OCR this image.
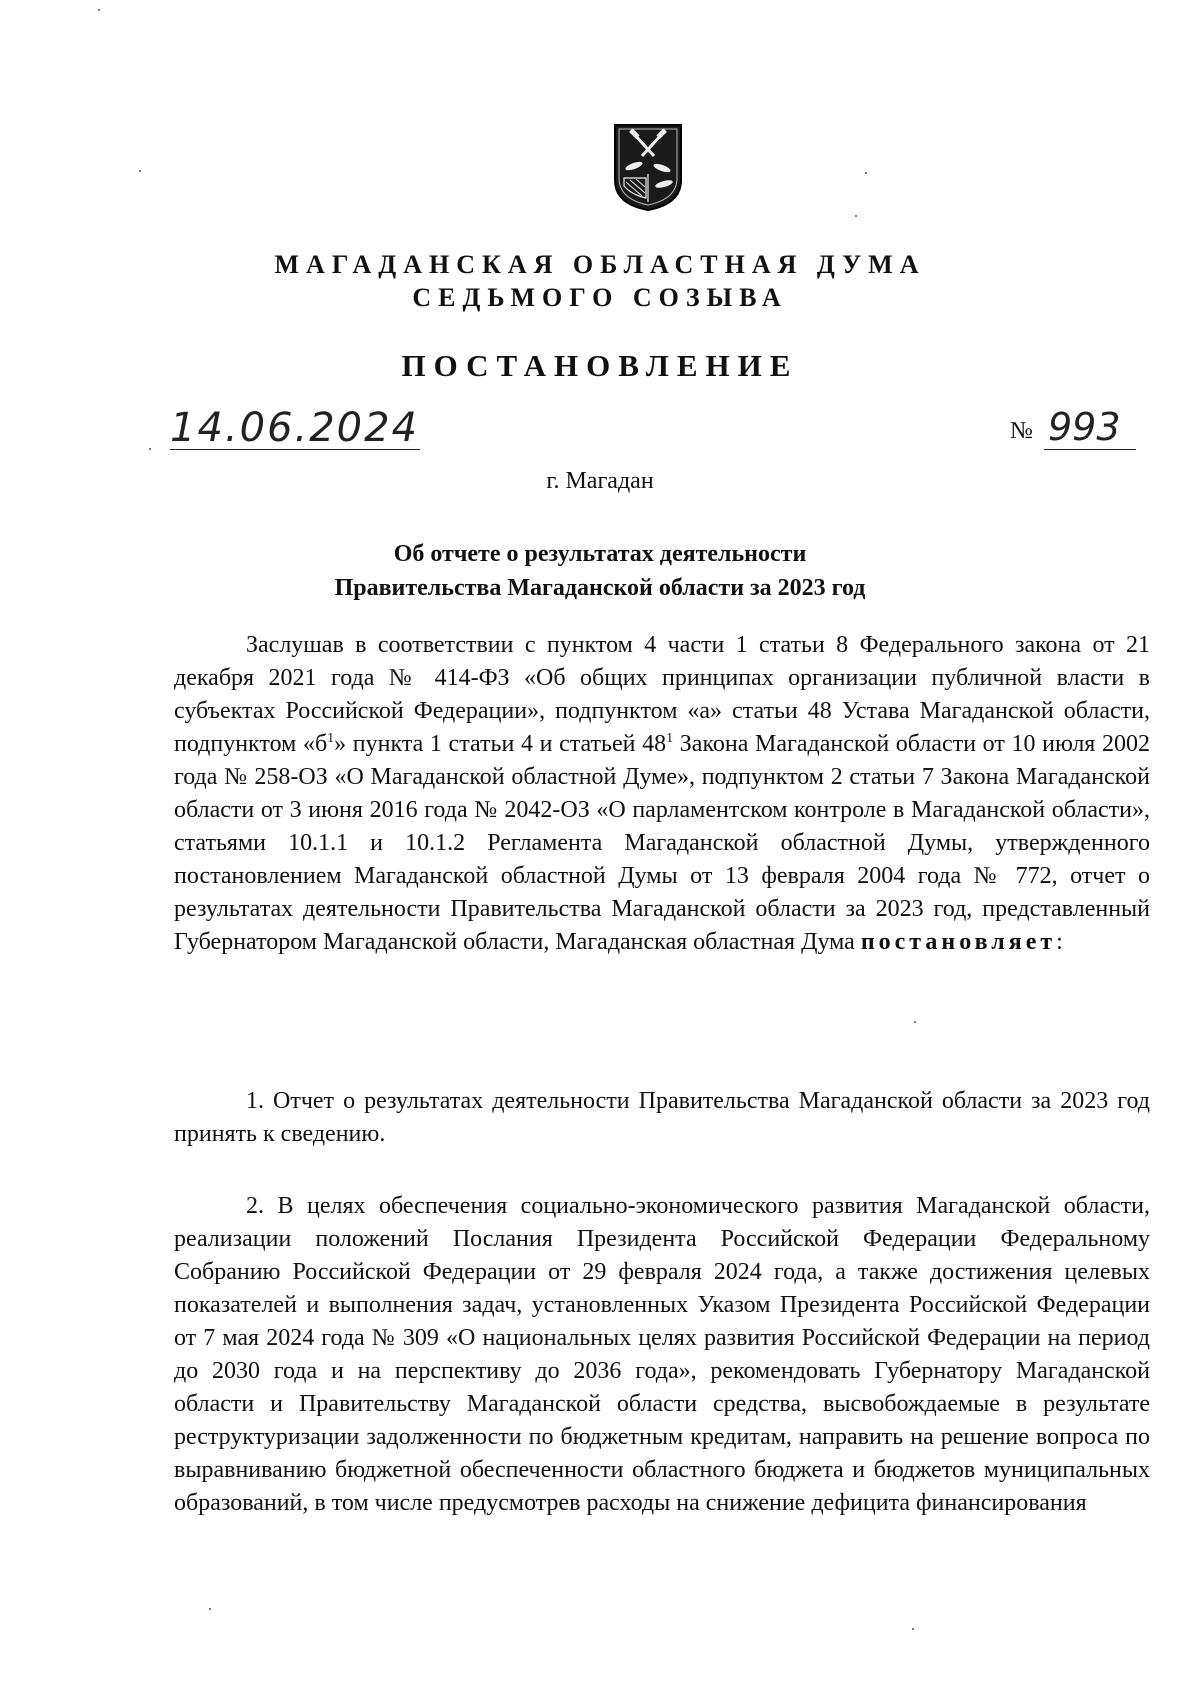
МАГАДАНСКАЯ ОБЛАСТНАЯ ДУМА
СЕДЬМОГО СОЗЫВА
ПОСТАНОВЛЕНИЕ
14.06.2024	№ 993
г. Магадан
Об отчете о результатах деятельности
Правительства Магаданской области за 2023 год

Заслушав в соответствии с пунктом 4 части 1 статьи 8 Федерального закона от 21 декабря 2021 года № 414-ФЗ «Об общих принципах организации публичной власти в субъектах Российской Федерации», подпунктом «а» статьи 48 Устава Магаданской области, подпунктом «$б^1$» пункта 1 статьи 4 и статьей $48^1$ Закона Магаданской области от 10 июля 2002 года № 258-ОЗ «О Магаданской областной Думе», подпунктом 2 статьи 7 Закона Магаданской области от 3 июня 2016 года № 2042-ОЗ «О парламентском контроле в Магаданской области», статьями 10.1.1 и 10.1.2 Регламента Магаданской областной Думы, утвержденного постановлением Магаданской областной Думы от 13 февраля 2004 года № 772, отчет о результатах деятельности Правительства Магаданской области за 2023 год, представленный Губернатором Магаданской области, Магаданская областная Дума постановляет:

1. Отчет о результатах деятельности Правительства Магаданской области за 2023 год принять к сведению.

2. В целях обеспечения социально-экономического развития Магаданской области, реализации положений Послания Президента Российской Федерации Федеральному Собранию Российской Федерации от 29 февраля 2024 года, а также достижения целевых показателей и выполнения задач, установленных Указом Президента Российской Федерации от 7 мая 2024 года № 309 «О национальных целях развития Российской Федерации на период до 2030 года и на перспективу до 2036 года», рекомендовать Губернатору Магаданской области и Правительству Магаданской области средства, высвобождаемые в результате реструктуризации задолженности по бюджетным кредитам, направить на решение вопроса по выравниванию бюджетной обеспеченности областного бюджета и бюджетов муниципальных образований, в том числе предусмотрев расходы на снижение дефицита финансирования
